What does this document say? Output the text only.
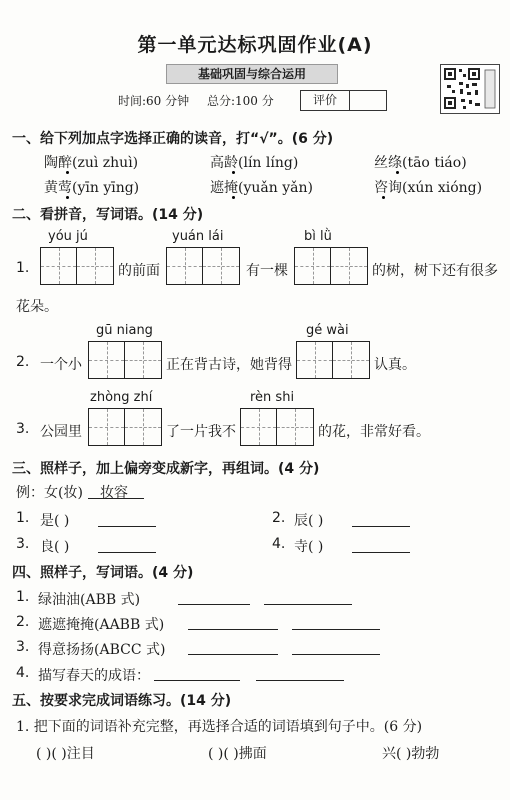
第一单元达标巩固作业(A)
基础巩固与综合运用
时间:60 分钟 总分:100 分	评价
一、给下列加点字选择正确的读音，打“√”。(6 分)
陶醉(zuì zhuì)	高龄(lín líng)	丝绦(tāo tiáo)
黄莺(yīn yīng)	遮掩(yuǎn yǎn)	咨询(xún xióng)
二、看拼音，写词语。(14 分)
yóu jú	yuán lái	bì lǜ
1.	的前面	有一棵	的树，树下还有很多
花朵。
gū niang	gé wài
2. 一个小	正在背古诗，她背得	认真。
zhòng zhí	rèn shi
3. 公园里	了一片我不	的花，非常好看。
三、照样子，加上偏旁变成新字，再组词。(4 分)
例：女(妆) 妆容
1. 是( )	2. 辰( )
3. 良( )	4. 寺( )
四、照样子，写词语。(4 分)
1. 绿油油(ABB 式)
2. 遮遮掩掩(AABB 式)
3. 得意扬扬(ABCC 式)
4. 描写春天的成语：
五、按要求完成词语练习。(14 分)
1. 把下面的词语补充完整，再选择合适的词语填到句子中。(6 分)
( )( )注目	( )( )拂面	兴( )勃勃
